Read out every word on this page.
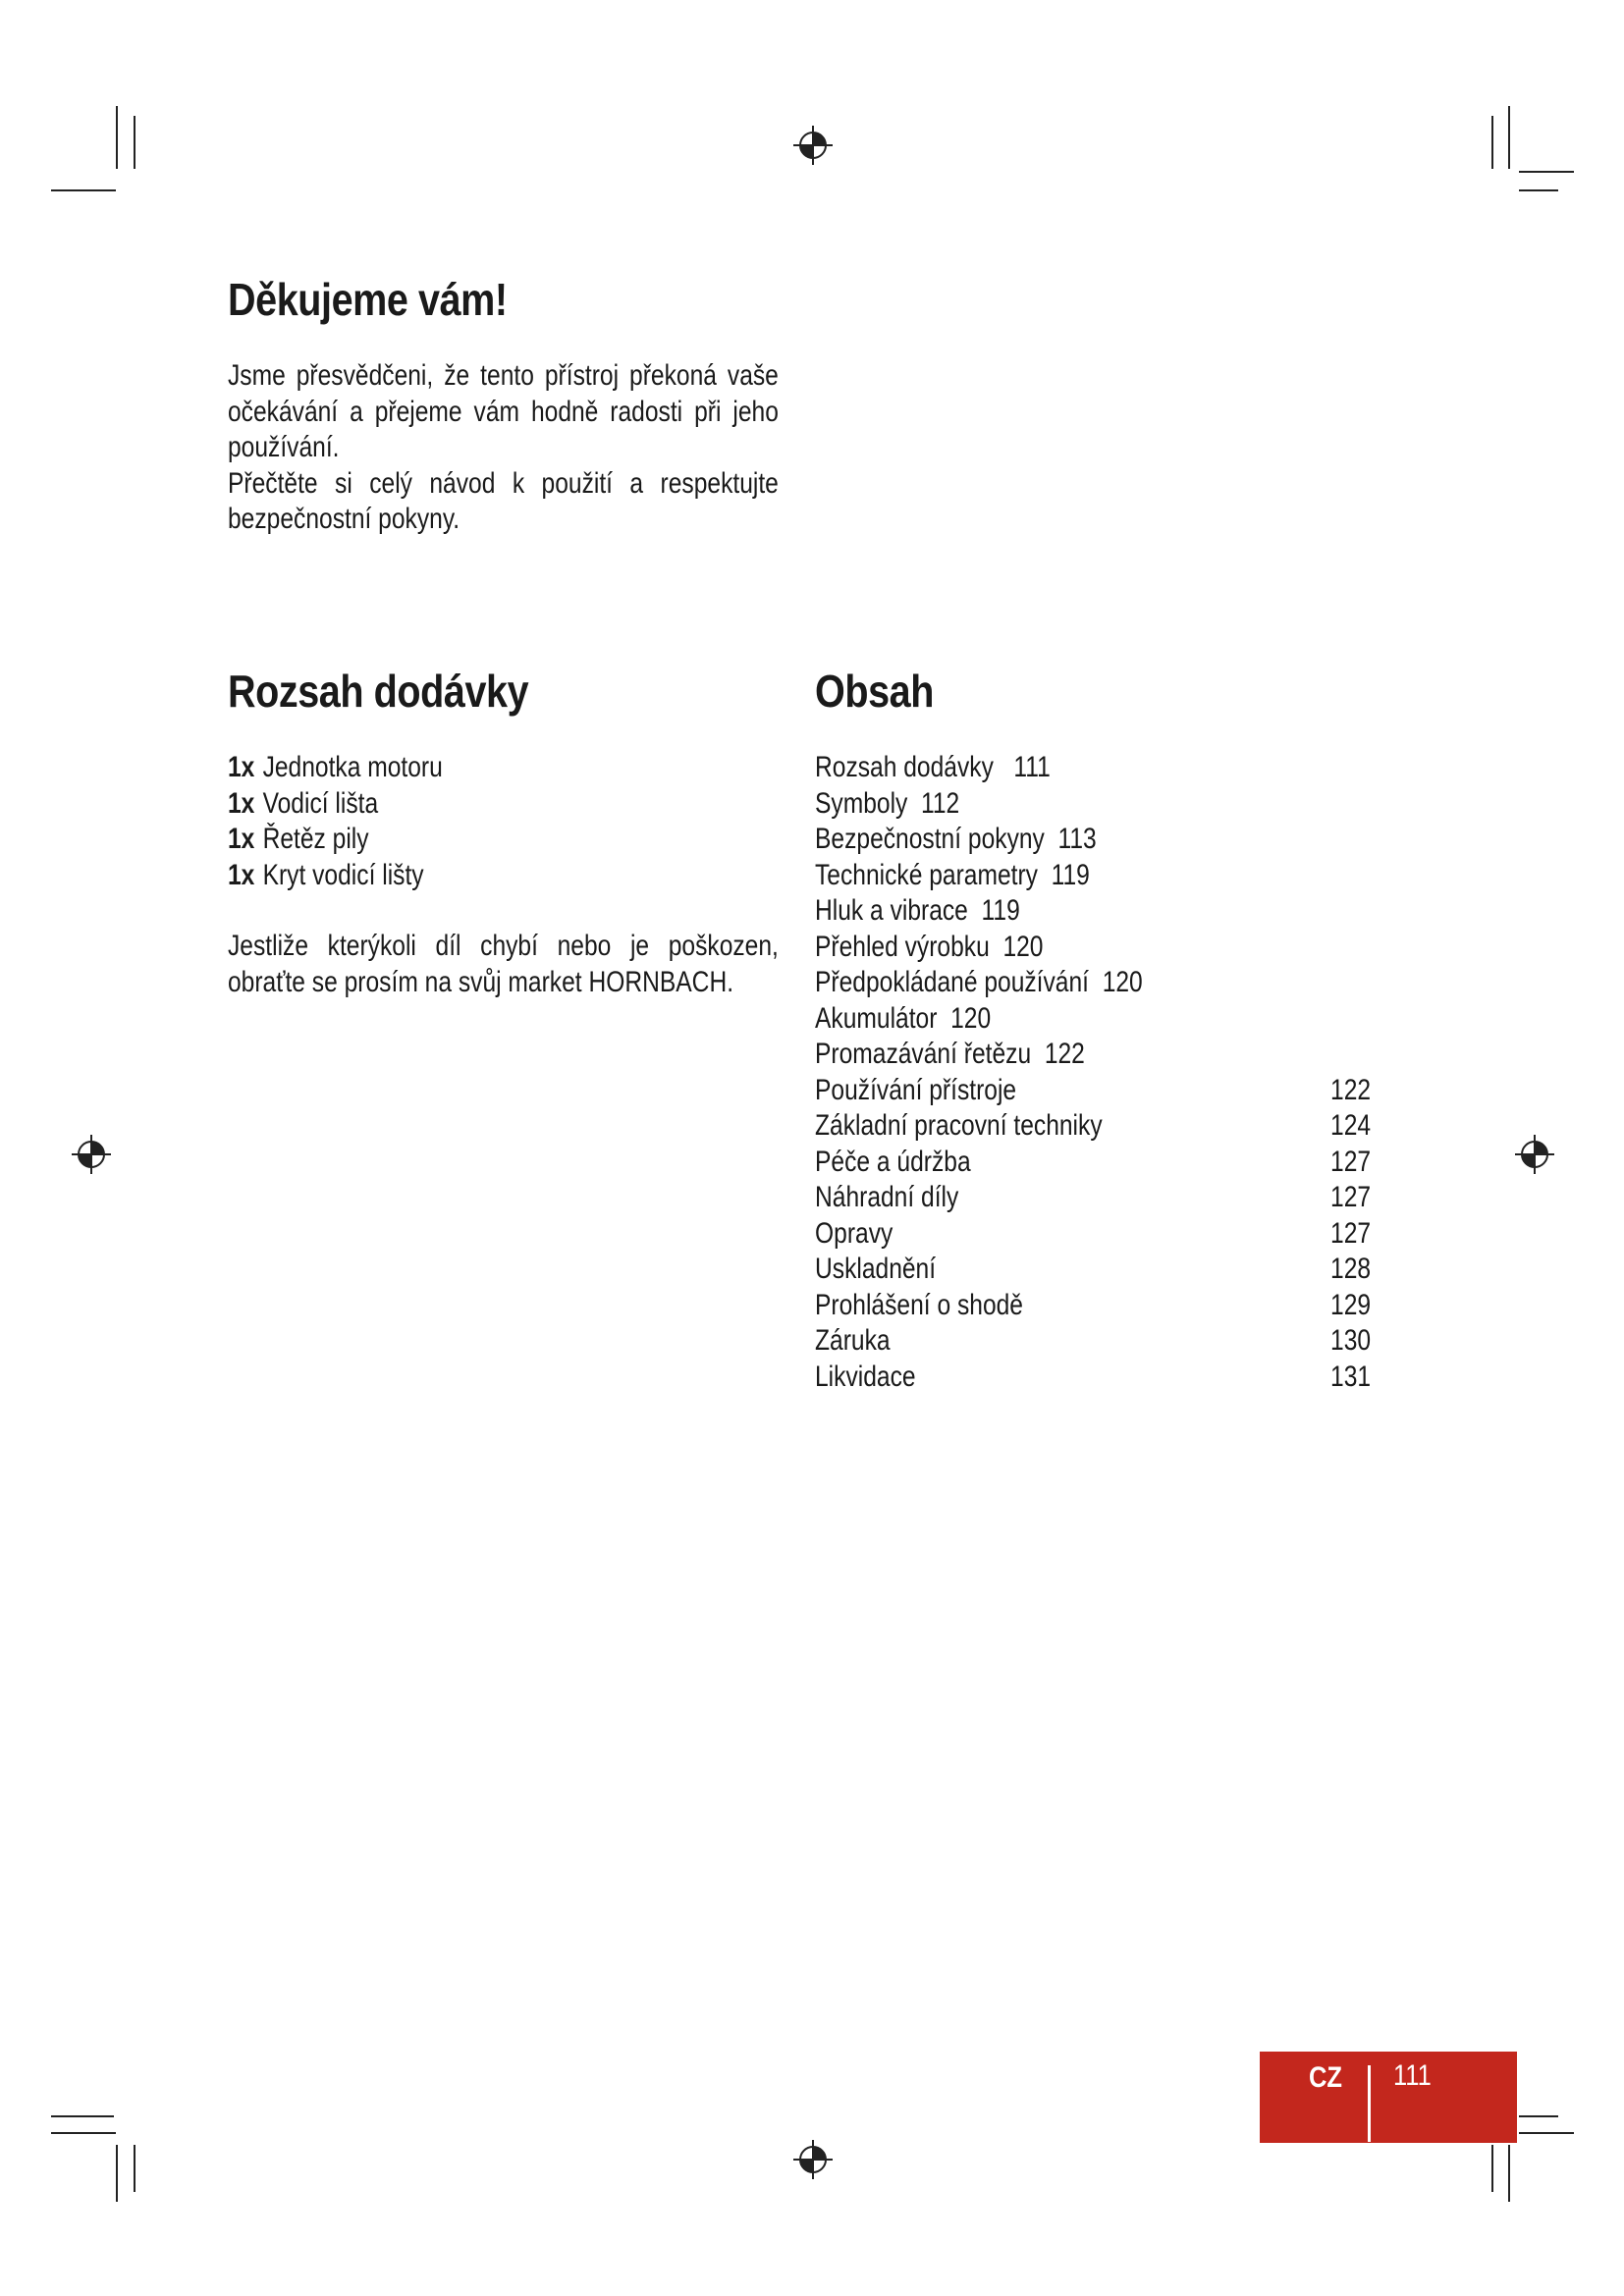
Děkujeme vám!

Jsme přesvědčeni, že tento přístroj překoná vaše očekávání a přejeme vám hodně radosti při jeho používání.

Přečtěte si celý návod k použití a respektujte bezpečnostní pokyny.

Rozsah dodávky
1x Jednotka motoru
1x Vodicí lišta
1x Řetěz pily
1x Kryt vodicí lišty
Jestliže kterýkoli díl chybí nebo je poškozen, obraťte se prosím na svůj market HORNBACH.
Obsah
Rozsah dodávky 111
Symboly 112
Bezpečnostní pokyny 113
Technické parametry 119
Hluk a vibrace 119
Přehled výrobku 120
Předpokládané používání 120
Akumulátor 120
Promazávání řetězu 122
Používání přístroje	122
Základní pracovní techniky	124
Péče a údržba	127
Náhradní díly	127
Opravy	127
Uskladnění	128
Prohlášení o shodě	129
Záruka	130
Likvidace	131
CZ 111
